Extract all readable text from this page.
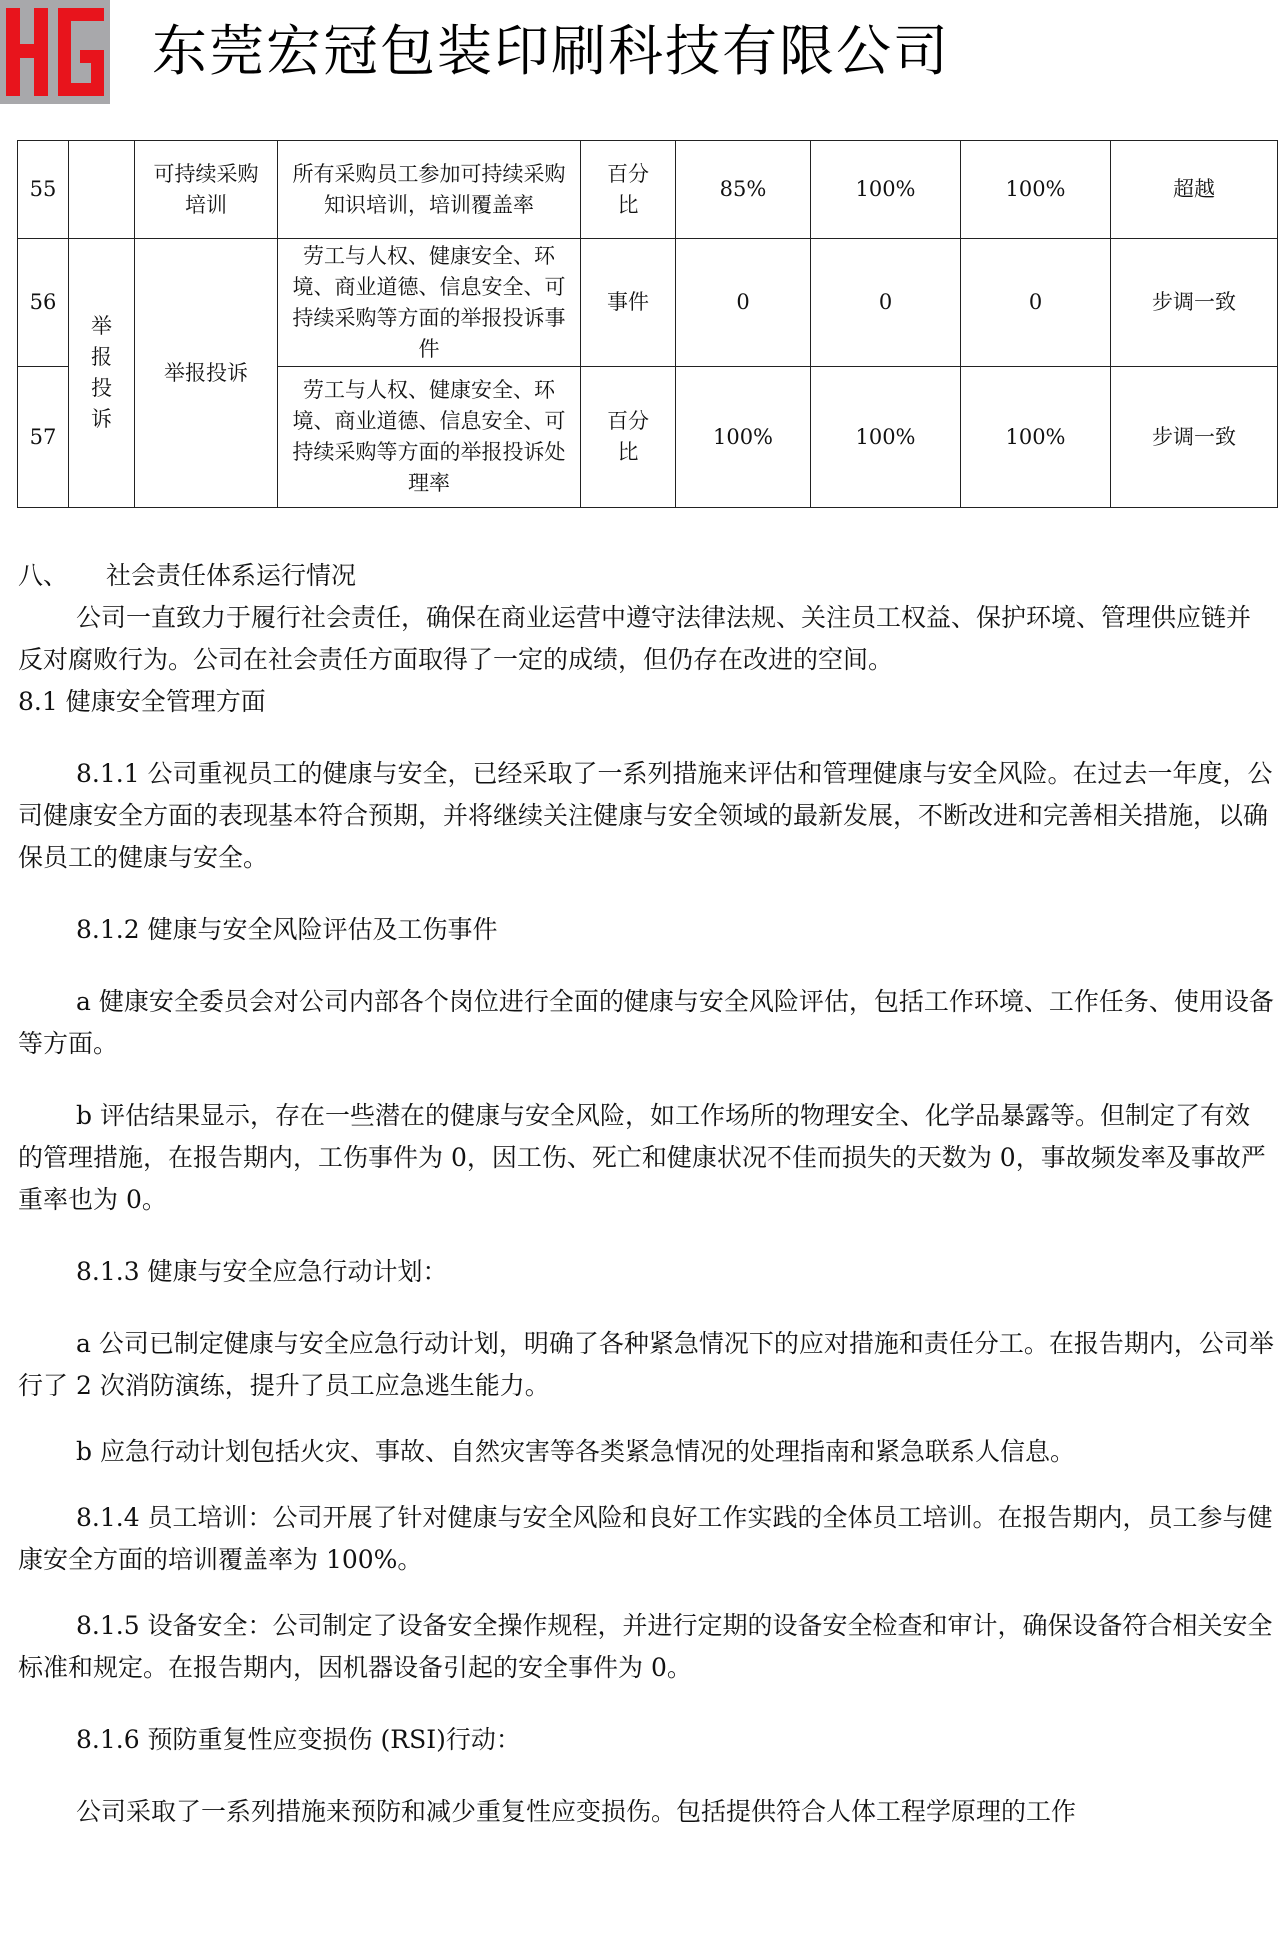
东莞宏冠包装印刷科技有限公司
55		可持续采购培训	所有采购员工参加可持续采购知识培训，培训覆盖率	百分比	85%	100%	100%	超越
56	举报投诉	举报投诉	劳工与人权、健康安全、环境、商业道德、信息安全、可持续采购等方面的举报投诉事件	事件	0	0	0	步调一致
57			劳工与人权、健康安全、环境、商业道德、信息安全、可持续采购等方面的举报投诉处理率	百分比	100%	100%	100%	步调一致

八、	社会责任体系运行情况

公司一直致力于履行社会责任，确保在商业运营中遵守法律法规、关注员工权益、保护环境、管理供应链并反对腐败行为。公司在社会责任方面取得了一定的成绩，但仍存在改进的空间。

8.1 健康安全管理方面

8.1.1 公司重视员工的健康与安全，已经采取了一系列措施来评估和管理健康与安全风险。在过去一年度，公司健康安全方面的表现基本符合预期，并将继续关注健康与安全领域的最新发展，不断改进和完善相关措施，以确保员工的健康与安全。

8.1.2 健康与安全风险评估及工伤事件

a 健康安全委员会对公司内部各个岗位进行全面的健康与安全风险评估，包括工作环境、工作任务、使用设备等方面。

b 评估结果显示，存在一些潜在的健康与安全风险，如工作场所的物理安全、化学品暴露等。但制定了有效的管理措施，在报告期内，工伤事件为 0，因工伤、死亡和健康状况不佳而损失的天数为 0，事故频发率及事故严重率也为 0。

8.1.3 健康与安全应急行动计划：

a 公司已制定健康与安全应急行动计划，明确了各种紧急情况下的应对措施和责任分工。在报告期内，公司举行了 2 次消防演练，提升了员工应急逃生能力。

b 应急行动计划包括火灾、事故、自然灾害等各类紧急情况的处理指南和紧急联系人信息。

8.1.4 员工培训：公司开展了针对健康与安全风险和良好工作实践的全体员工培训。在报告期内，员工参与健康安全方面的培训覆盖率为 100%。

8.1.5 设备安全：公司制定了设备安全操作规程，并进行定期的设备安全检查和审计，确保设备符合相关安全标准和规定。在报告期内，因机器设备引起的安全事件为 0。

8.1.6 预防重复性应变损伤 (RSI)行动：

公司采取了一系列措施来预防和减少重复性应变损伤。包括提供符合人体工程学原理的工作
